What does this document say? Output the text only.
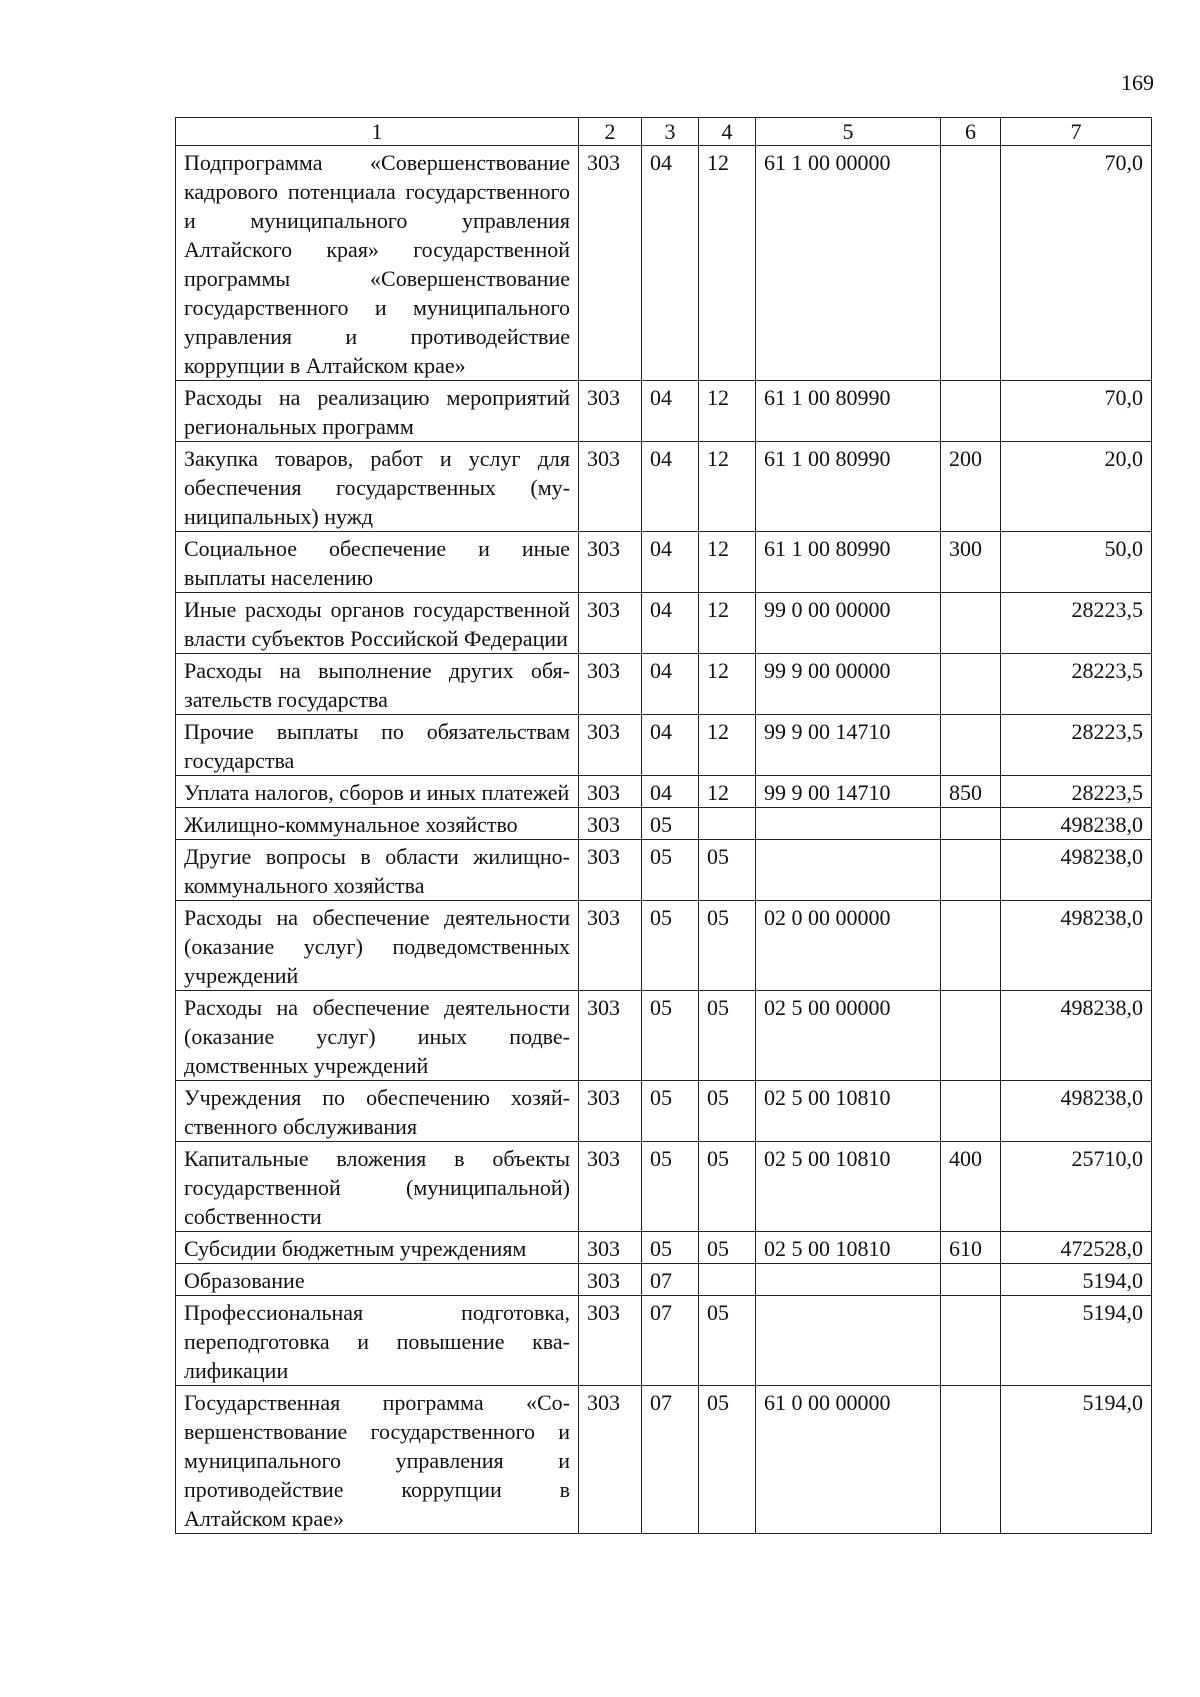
169
1	2	3	4	5	6	7
Подпрограмма «Совершенствование кадрового потенциала государственного и муниципального управления Алтайского края» государственной программы «Совершенствование государственного и муниципального управления и противодействие коррупции в Алтайском крае»	303	04	12	61 1 00 00000		70,0
Расходы на реализацию мероприятий региональных программ	303	04	12	61 1 00 80990		70,0
Закупка товаров, работ и услуг для обеспечения государственных (муниципальных) нужд	303	04	12	61 1 00 80990	200	20,0
Социальное обеспечение и иные выплаты населению	303	04	12	61 1 00 80990	300	50,0
Иные расходы органов государственной власти субъектов Российской Федерации	303	04	12	99 0 00 00000		28223,5
Расходы на выполнение других обязательств государства	303	04	12	99 9 00 00000		28223,5
Прочие выплаты по обязательствам государства	303	04	12	99 9 00 14710		28223,5
Уплата налогов, сборов и иных платежей	303	04	12	99 9 00 14710	850	28223,5
Жилищно-коммунальное хозяйство	303	05				498238,0
Другие вопросы в области жилищно-коммунального хозяйства	303	05	05			498238,0
Расходы на обеспечение деятельности (оказание услуг) подведомственных учреждений	303	05	05	02 0 00 00000		498238,0
Расходы на обеспечение деятельности (оказание услуг) иных подведомственных учреждений	303	05	05	02 5 00 00000		498238,0
Учреждения по обеспечению хозяйственного обслуживания	303	05	05	02 5 00 10810		498238,0
Капитальные вложения в объекты государственной (муниципальной) собственности	303	05	05	02 5 00 10810	400	25710,0
Субсидии бюджетным учреждениям	303	05	05	02 5 00 10810	610	472528,0
Образование	303	07				5194,0
Профессиональная подготовка, переподготовка и повышение квалификации	303	07	05			5194,0
Государственная программа «Совершенствование государственного и муниципального управления и противодействие коррупции в Алтайском крае»	303	07	05	61 0 00 00000		5194,0
